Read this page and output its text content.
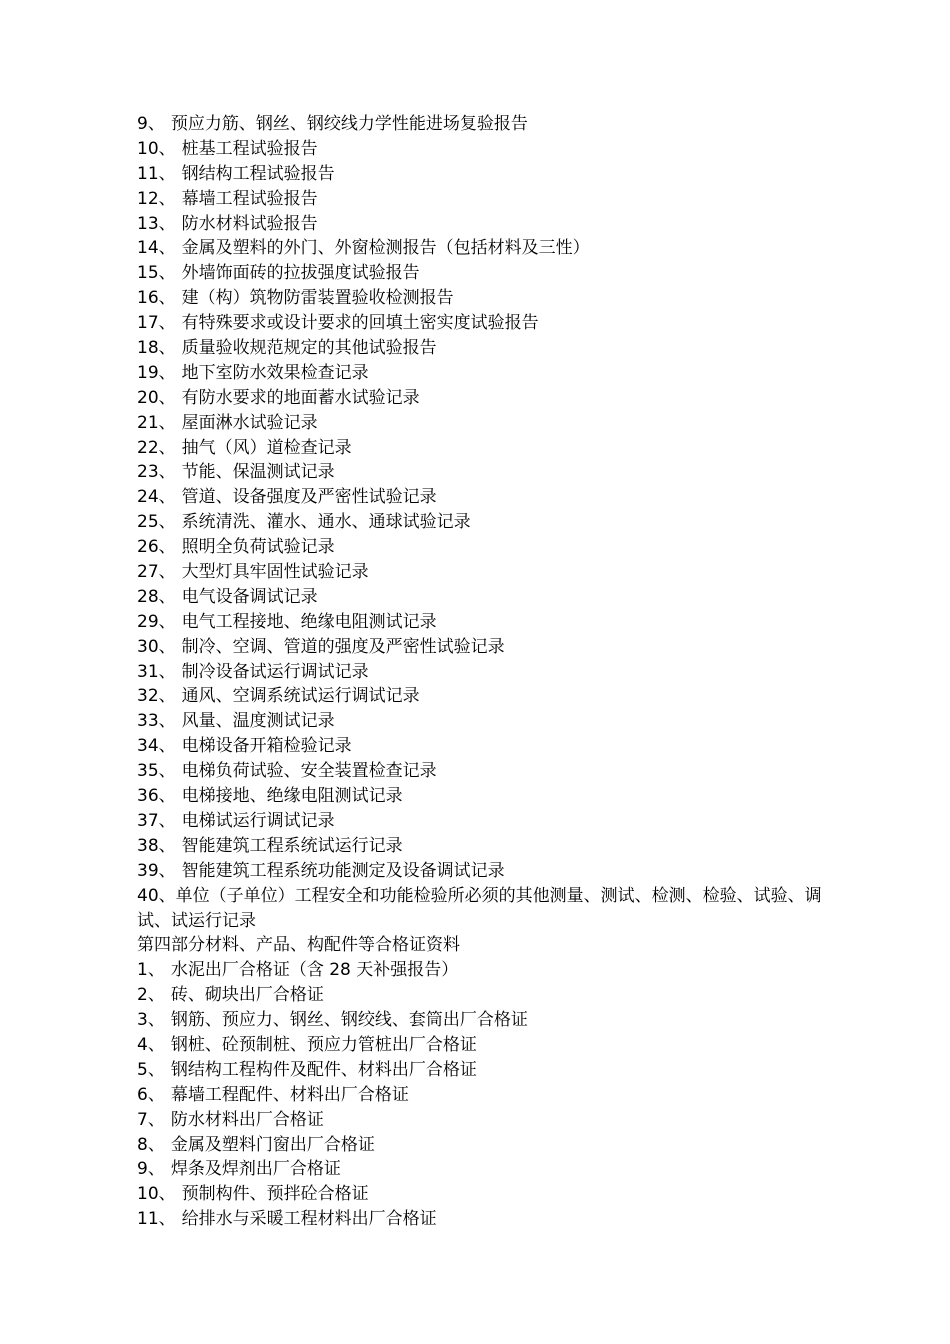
9、 预应力筋、钢丝、钢绞线力学性能进场复验报告
10、 桩基工程试验报告
11、 钢结构工程试验报告
12、 幕墙工程试验报告
13、 防水材料试验报告
14、 金属及塑料的外门、外窗检测报告（包括材料及三性）
15、 外墙饰面砖的拉拔强度试验报告
16、 建（构）筑物防雷装置验收检测报告
17、 有特殊要求或设计要求的回填土密实度试验报告
18、 质量验收规范规定的其他试验报告
19、 地下室防水效果检查记录
20、 有防水要求的地面蓄水试验记录
21、 屋面淋水试验记录
22、 抽气（风）道检查记录
23、 节能、保温测试记录
24、 管道、设备强度及严密性试验记录
25、 系统清洗、灌水、通水、通球试验记录
26、 照明全负荷试验记录
27、 大型灯具牢固性试验记录
28、 电气设备调试记录
29、 电气工程接地、绝缘电阻测试记录
30、 制冷、空调、管道的强度及严密性试验记录
31、 制冷设备试运行调试记录
32、 通风、空调系统试运行调试记录
33、 风量、温度测试记录
34、 电梯设备开箱检验记录
35、 电梯负荷试验、安全装置检查记录
36、 电梯接地、绝缘电阻测试记录
37、 电梯试运行调试记录
38、 智能建筑工程系统试运行记录
39、 智能建筑工程系统功能测定及设备调试记录
40、单位（子单位）工程安全和功能检验所必须的其他测量、测试、检测、检验、试验、调试、试运行记录
第四部分材料、产品、构配件等合格证资料
1、 水泥出厂合格证（含 28 天补强报告）
2、 砖、砌块出厂合格证
3、 钢筋、预应力、钢丝、钢绞线、套筒出厂合格证
4、 钢桩、砼预制桩、预应力管桩出厂合格证
5、 钢结构工程构件及配件、材料出厂合格证
6、 幕墙工程配件、材料出厂合格证
7、 防水材料出厂合格证
8、 金属及塑料门窗出厂合格证
9、 焊条及焊剂出厂合格证
10、 预制构件、预拌砼合格证
11、 给排水与采暖工程材料出厂合格证
